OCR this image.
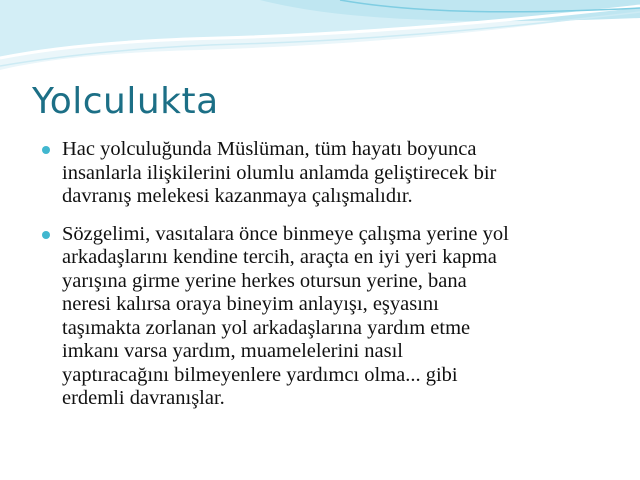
Yolculukta
Hac yolculuğunda Müslüman, tüm hayatı boyunca
insanlarla ilişkilerini olumlu anlamda geliştirecek bir
davranış melekesi kazanmaya çalışmalıdır.
Sözgelimi, vasıtalara önce binmeye çalışma yerine yol
arkadaşlarını kendine tercih, araçta en iyi yeri kapma
yarışına girme yerine herkes otursun yerine, bana
neresi kalırsa oraya bineyim anlayışı, eşyasını
taşımakta zorlanan yol arkadaşlarına yardım etme
imkanı varsa yardım, muamelelerini nasıl
yaptıracağını bilmeyenlere yardımcı olma... gibi
erdemli davranışlar.
